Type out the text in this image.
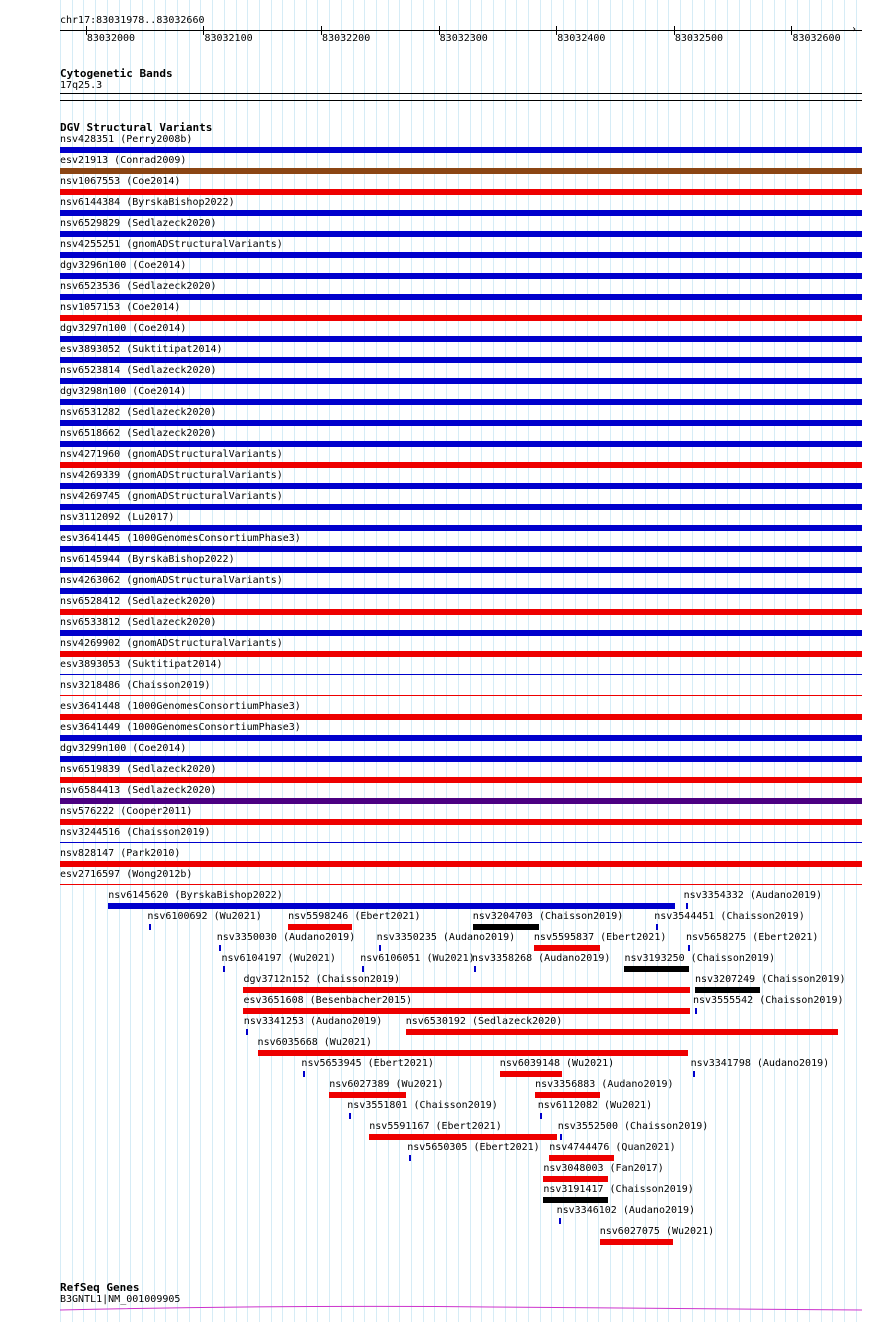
chr17:83031978..83032660
›
83032000	83032100	83032200	83032300	83032400	83032500	83032600
Cytogenetic Bands
17q25.3
DGV Structural Variants
nsv428351 (Perry2008b)
esv21913 (Conrad2009)
nsv1067553 (Coe2014)
nsv6144384 (ByrskaBishop2022)
nsv6529829 (Sedlazeck2020)
nsv4255251 (gnomADStructuralVariants)
dgv3296n100 (Coe2014)
nsv6523536 (Sedlazeck2020)
nsv1057153 (Coe2014)
dgv3297n100 (Coe2014)
esv3893052 (Suktitipat2014)
nsv6523814 (Sedlazeck2020)
dgv3298n100 (Coe2014)
nsv6531282 (Sedlazeck2020)
nsv6518662 (Sedlazeck2020)
nsv4271960 (gnomADStructuralVariants)
nsv4269339 (gnomADStructuralVariants)
nsv4269745 (gnomADStructuralVariants)
nsv3112092 (Lu2017)
esv3641445 (1000GenomesConsortiumPhase3)
nsv6145944 (ByrskaBishop2022)
nsv4263062 (gnomADStructuralVariants)
nsv6528412 (Sedlazeck2020)
nsv6533812 (Sedlazeck2020)
nsv4269902 (gnomADStructuralVariants)
esv3893053 (Suktitipat2014)
nsv3218486 (Chaisson2019)
esv3641448 (1000GenomesConsortiumPhase3)
esv3641449 (1000GenomesConsortiumPhase3)
dgv3299n100 (Coe2014)
nsv6519839 (Sedlazeck2020)
nsv6584413 (Sedlazeck2020)
nsv576222 (Cooper2011)
nsv3244516 (Chaisson2019)
nsv828147 (Park2010)
esv2716597 (Wong2012b)
nsv6145620 (ByrskaBishop2022)	nsv3354332 (Audano2019)
nsv6100692 (Wu2021)	nsv5598246 (Ebert2021)	nsv3204703 (Chaisson2019)	nsv3544451 (Chaisson2019)
nsv3350030 (Audano2019) nsv3350235 (Audano2019) nsv5595837 (Ebert2021) nsv5658275 (Ebert2021)
nsv6104197 (Wu2021) nsv6106051 (Wu2021)
nsv3358268 (Audano2019) nsv3193250 (Chaisson2019)
dgv3712n152 (Chaisson2019)	nsv3207249 (Chaisson2019)
esv3651608 (Besenbacher2015)	nsv3555542 (Chaisson2019)
nsv3341253 (Audano2019) nsv6530192 (Sedlazeck2020)
nsv6035668 (Wu2021)
nsv5653945 (Ebert2021)	nsv6039148 (Wu2021)	nsv3341798 (Audano2019)
nsv6027389 (Wu2021)	nsv3356883 (Audano2019)
nsv3551801 (Chaisson2019)	nsv6112082 (Wu2021)
nsv5591167 (Ebert2021)	nsv3552500 (Chaisson2019)
nsv5650305 (Ebert2021) nsv4744476 (Quan2021)
nsv3048003 (Fan2017)
nsv3191417 (Chaisson2019)
nsv3346102 (Audano2019)
nsv6027075 (Wu2021)
RefSeq Genes
B3GNTL1|NM_001009905
